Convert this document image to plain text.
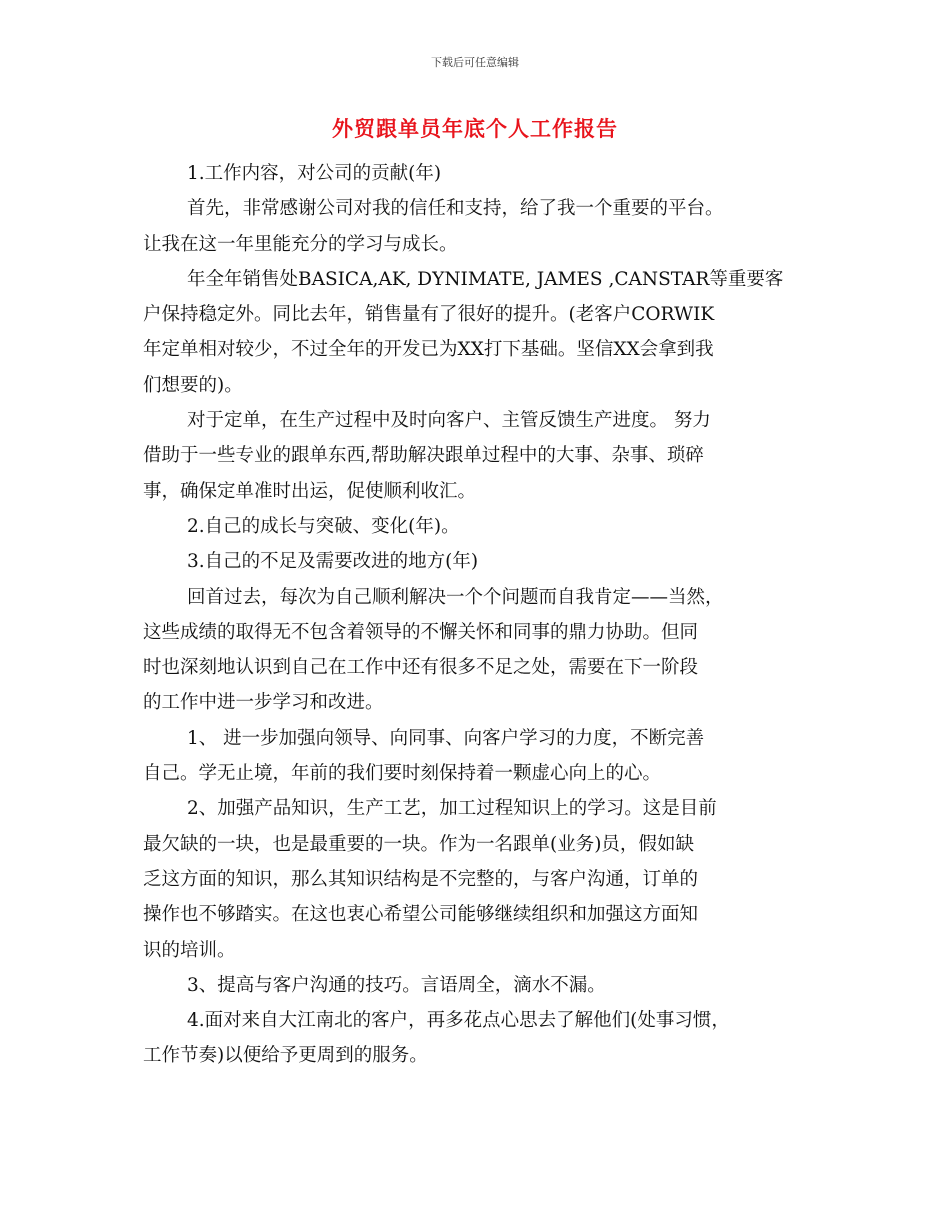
下载后可任意编辑
外贸跟单员年底个人工作报告
1.工作内容，对公司的贡献(年)
首先，非常感谢公司对我的信任和支持，给了我一个重要的平台。
让我在这一年里能充分的学习与成长。
年全年销售处BASICA,AK, DYNIMATE, JAMES ,CANSTAR等重要客
户保持稳定外。同比去年，销售量有了很好的提升。(老客户CORWIK
年定单相对较少，不过全年的开发已为XX打下基础。坚信XX会拿到我
们想要的)。
对于定单，在生产过程中及时向客户、主管反馈生产进度。 努力
借助于一些专业的跟单东西,帮助解决跟单过程中的大事、杂事、琐碎
事，确保定单准时出运，促使顺利收汇。
2.自己的成长与突破、变化(年)。
3.自己的不足及需要改进的地方(年)
回首过去，每次为自己顺利解决一个个问题而自我肯定——当然，
这些成绩的取得无不包含着领导的不懈关怀和同事的鼎力协助。但同
时也深刻地认识到自己在工作中还有很多不足之处，需要在下一阶段
的工作中进一步学习和改进。
1、 进一步加强向领导、向同事、向客户学习的力度，不断完善
自己。学无止境，年前的我们要时刻保持着一颗虚心向上的心。
2、加强产品知识，生产工艺，加工过程知识上的学习。这是目前
最欠缺的一块，也是最重要的一块。作为一名跟单(业务)员，假如缺
乏这方面的知识，那么其知识结构是不完整的，与客户沟通，订单的
操作也不够踏实。在这也衷心希望公司能够继续组织和加强这方面知
识的培训。
3、提高与客户沟通的技巧。言语周全，滴水不漏。
4.面对来自大江南北的客户，再多花点心思去了解他们(处事习惯，
工作节奏)以便给予更周到的服务。
